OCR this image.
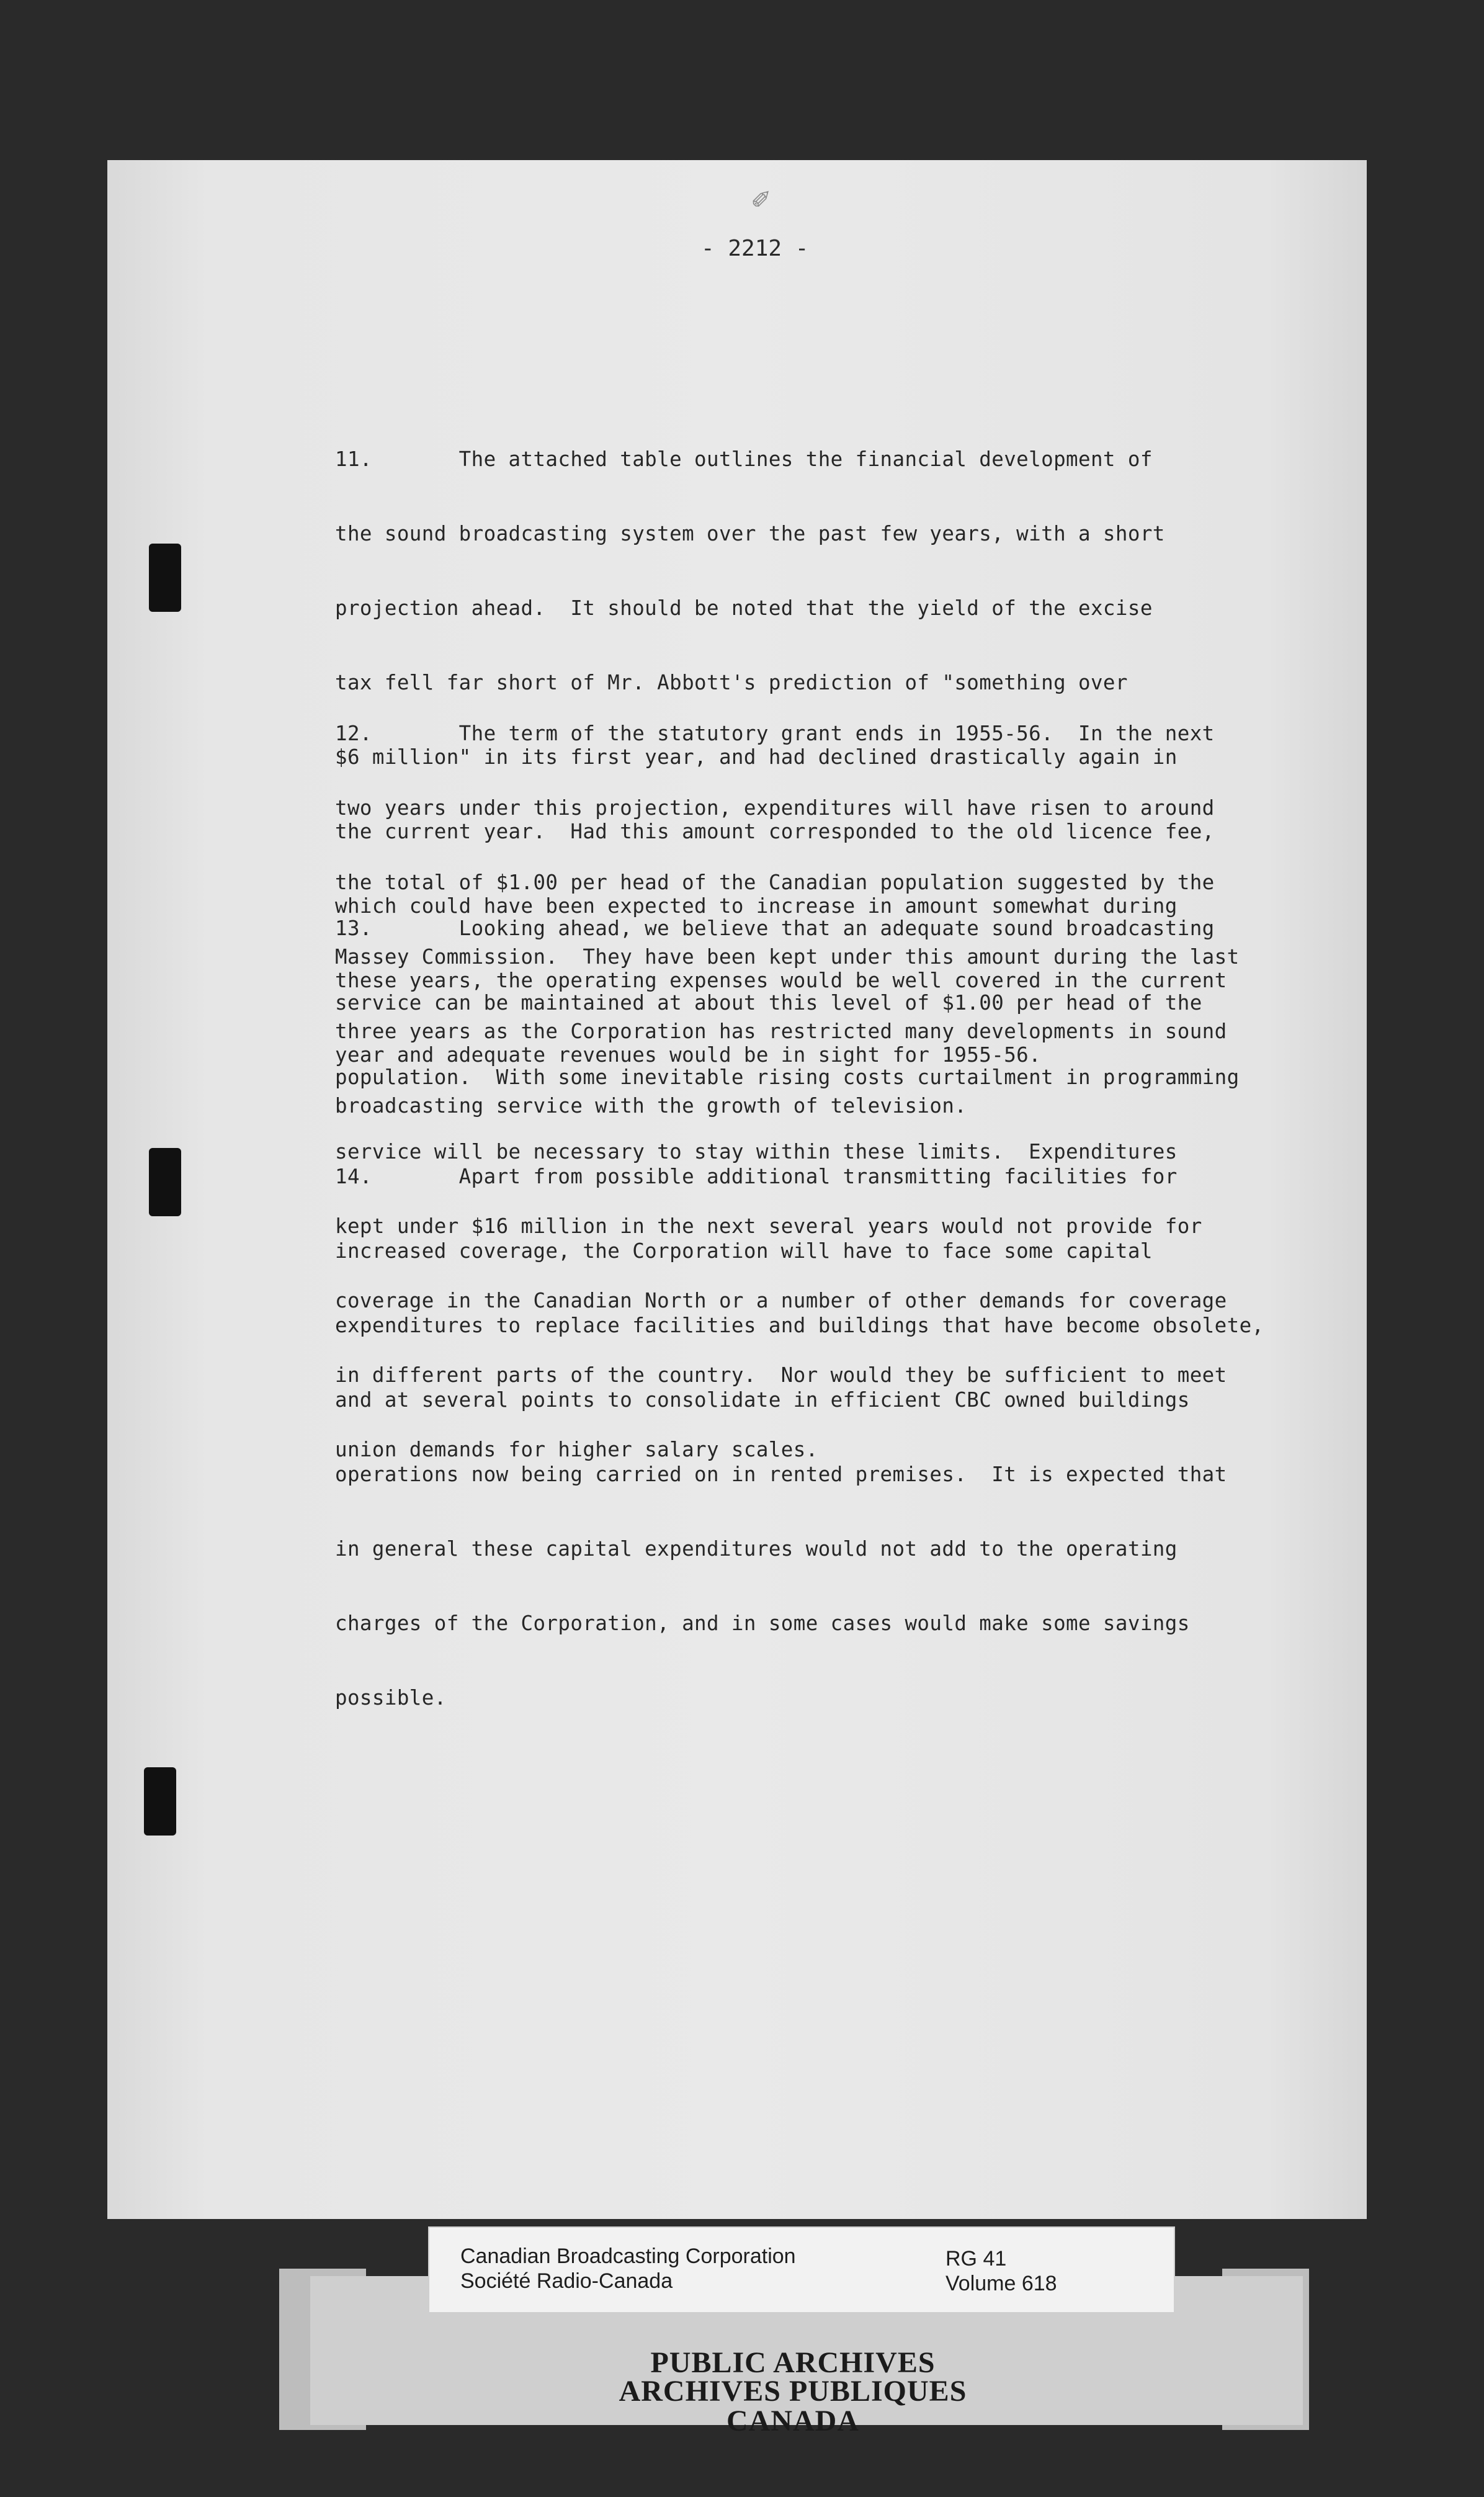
✐
- 2212 -

11.       The attached table outlines the financial development of

the sound broadcasting system over the past few years, with a short

projection ahead.  It should be noted that the yield of the excise

tax fell far short of Mr. Abbott's prediction of "something over

$6 million" in its first year, and had declined drastically again in

the current year.  Had this amount corresponded to the old licence fee,

which could have been expected to increase in amount somewhat during

these years, the operating expenses would be well covered in the current

year and adequate revenues would be in sight for 1955-56.

12.       The term of the statutory grant ends in 1955-56.  In the next

two years under this projection, expenditures will have risen to around

the total of $1.00 per head of the Canadian population suggested by the

Massey Commission.  They have been kept under this amount during the last

three years as the Corporation has restricted many developments in sound

broadcasting service with the growth of television.

13.       Looking ahead, we believe that an adequate sound broadcasting

service can be maintained at about this level of $1.00 per head of the

population.  With some inevitable rising costs curtailment in programming

service will be necessary to stay within these limits.  Expenditures

kept under $16 million in the next several years would not provide for

coverage in the Canadian North or a number of other demands for coverage

in different parts of the country.  Nor would they be sufficient to meet

union demands for higher salary scales.

14.       Apart from possible additional transmitting facilities for

increased coverage, the Corporation will have to face some capital

expenditures to replace facilities and buildings that have become obsolete,

and at several points to consolidate in efficient CBC owned buildings

operations now being carried on in rented premises.  It is expected that

in general these capital expenditures would not add to the operating

charges of the Corporation, and in some cases would make some savings

possible.

Canadian Broadcasting Corporation
Société Radio-Canada
RG 41
Volume 618
PUBLIC ARCHIVES
ARCHIVES PUBLIQUES
CANADA
